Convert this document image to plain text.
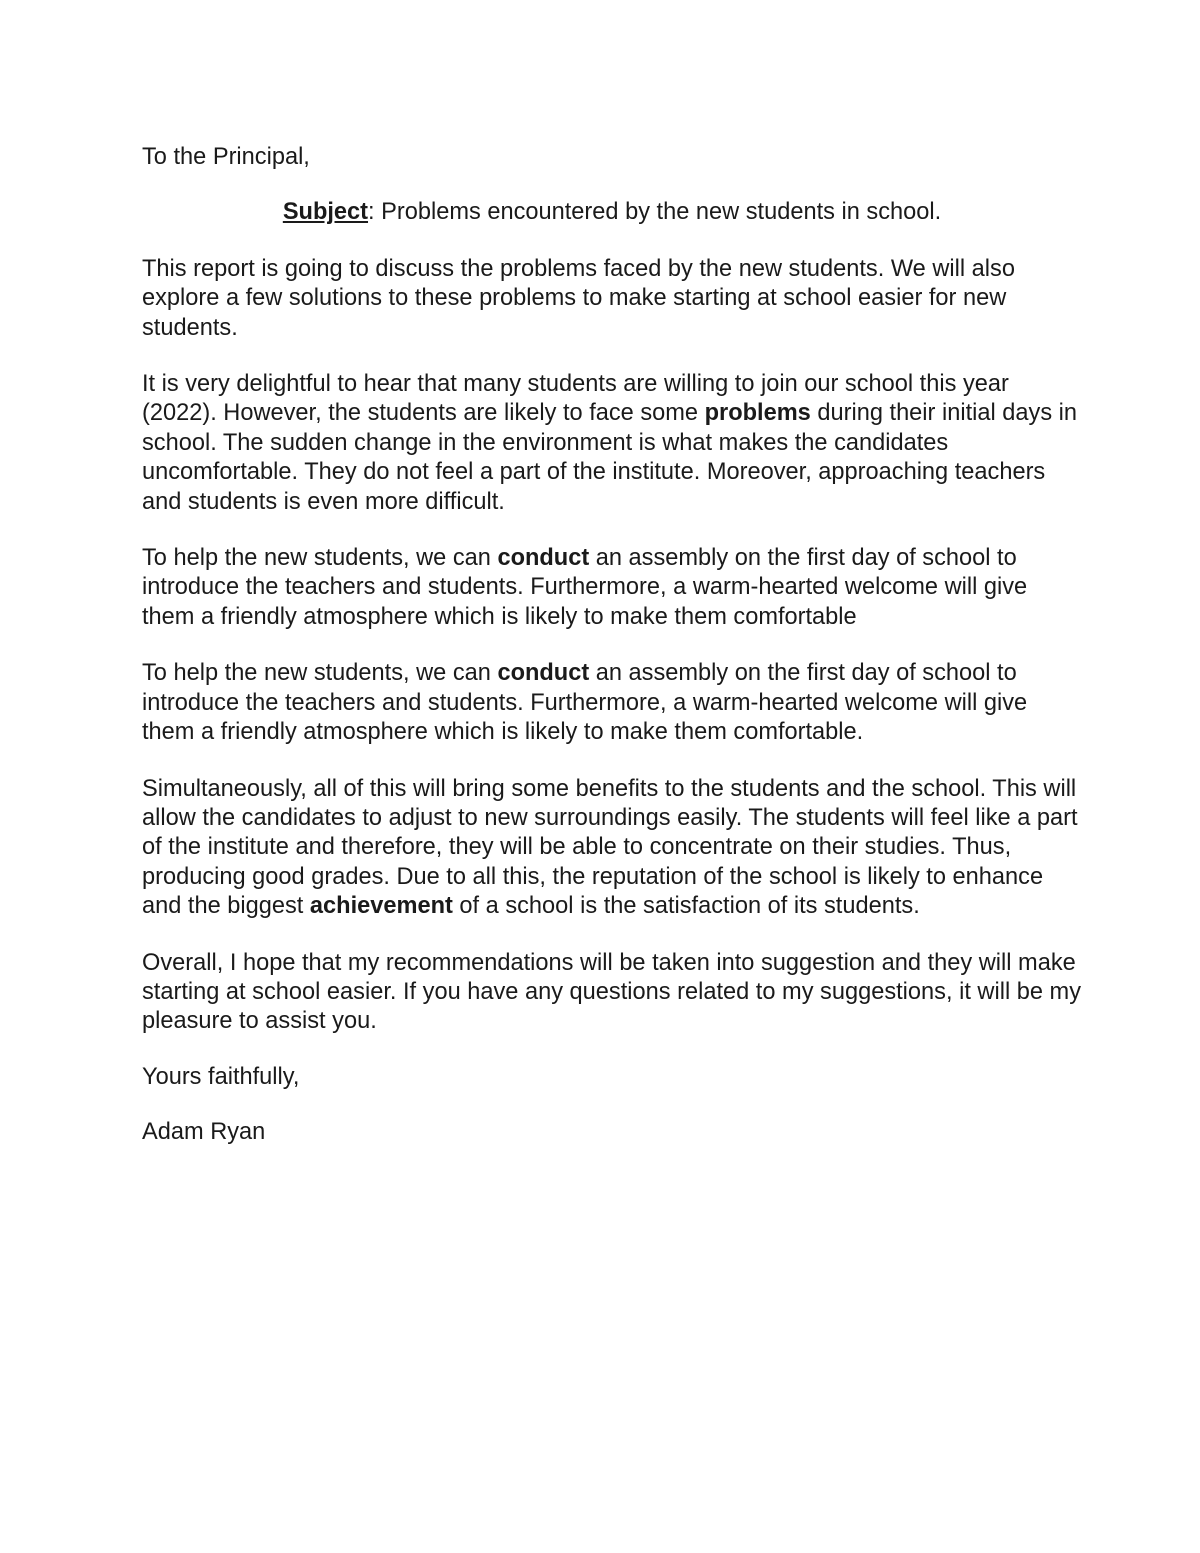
To the Principal,

Subject: Problems encountered by the new students in school.

This report is going to discuss the problems faced by the new students. We will also explore a few solutions to these problems to make starting at school easier for new students.

It is very delightful to hear that many students are willing to join our school this year (2022). However, the students are likely to face some problems during their initial days in school. The sudden change in the environment is what makes the candidates uncomfortable. They do not feel a part of the institute. Moreover, approaching teachers and students is even more difficult.

To help the new students, we can conduct an assembly on the first day of school to introduce the teachers and students. Furthermore, a warm-hearted welcome will give them a friendly atmosphere which is likely to make them comfortable

To help the new students, we can conduct an assembly on the first day of school to introduce the teachers and students. Furthermore, a warm-hearted welcome will give them a friendly atmosphere which is likely to make them comfortable.

Simultaneously, all of this will bring some benefits to the students and the school. This will allow the candidates to adjust to new surroundings easily. The students will feel like a part of the institute and therefore, they will be able to concentrate on their studies. Thus, producing good grades. Due to all this, the reputation of the school is likely to enhance and the biggest achievement of a school is the satisfaction of its students.

Overall, I hope that my recommendations will be taken into suggestion and they will make starting at school easier. If you have any questions related to my suggestions, it will be my pleasure to assist you.

Yours faithfully,

Adam Ryan
